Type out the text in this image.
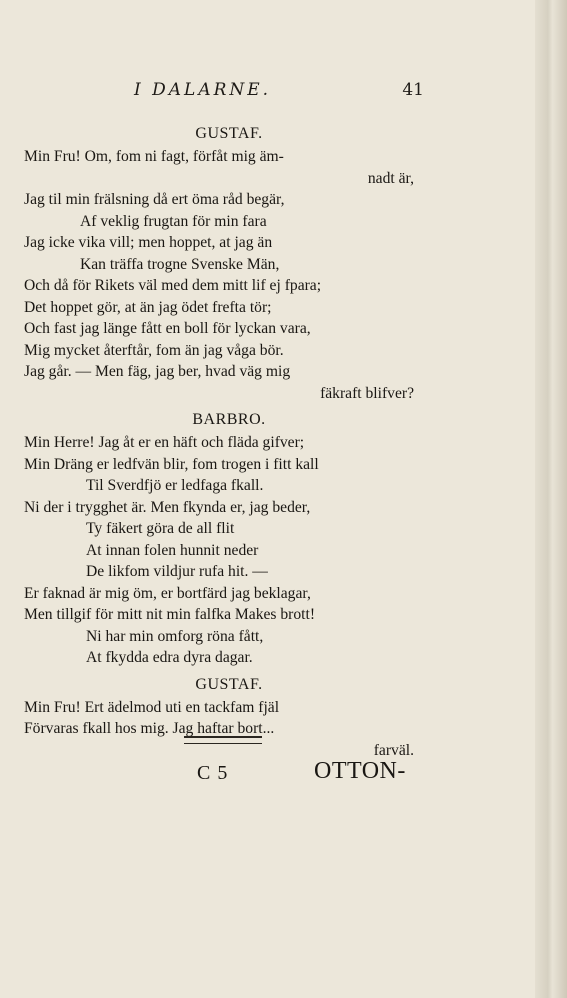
I DALARNE.	41
GUSTAF.
Min Fru! Om, fom ni fagt, förfåt mig äm-
nadt är,
Jag til min frälsning då ert öma råd begär,
Af veklig frugtan för min fara
Jag icke vika vill; men hoppet, at jag än
Kan träffa trogne Svenske Män,
Och då för Rikets väl med dem mitt lif ej fpara;
Det hoppet gör, at än jag ödet frefta tör;
Och fast jag länge fått en boll för lyckan vara,
Mig mycket återftår, fom än jag våga bör.
Jag går. — Men fäg, jag ber, hvad väg mig
fäkraft blifver?
BARBRO.
Min Herre! Jag åt er en häft och fläda gifver;
Min Dräng er ledfvän blir, fom trogen i fitt kall
Til Sverdfjö er ledfaga fkall.
Ni der i trygghet är. Men fkynda er, jag beder,
Ty fäkert göra de all flit
At innan folen hunnit neder
De likfom vildjur rufa hit. —
Er faknad är mig öm, er bortfärd jag beklagar,
Men tillgif för mitt nit min falfka Makes brott!
Ni har min omforg röna fått,
At fkydda edra dyra dagar.
GUSTAF.
Min Fru! Ert ädelmod uti en tackfam fjäl
Förvaras fkall hos mig. Jag haftar bort...
farväl.
C 5	OTTON-
